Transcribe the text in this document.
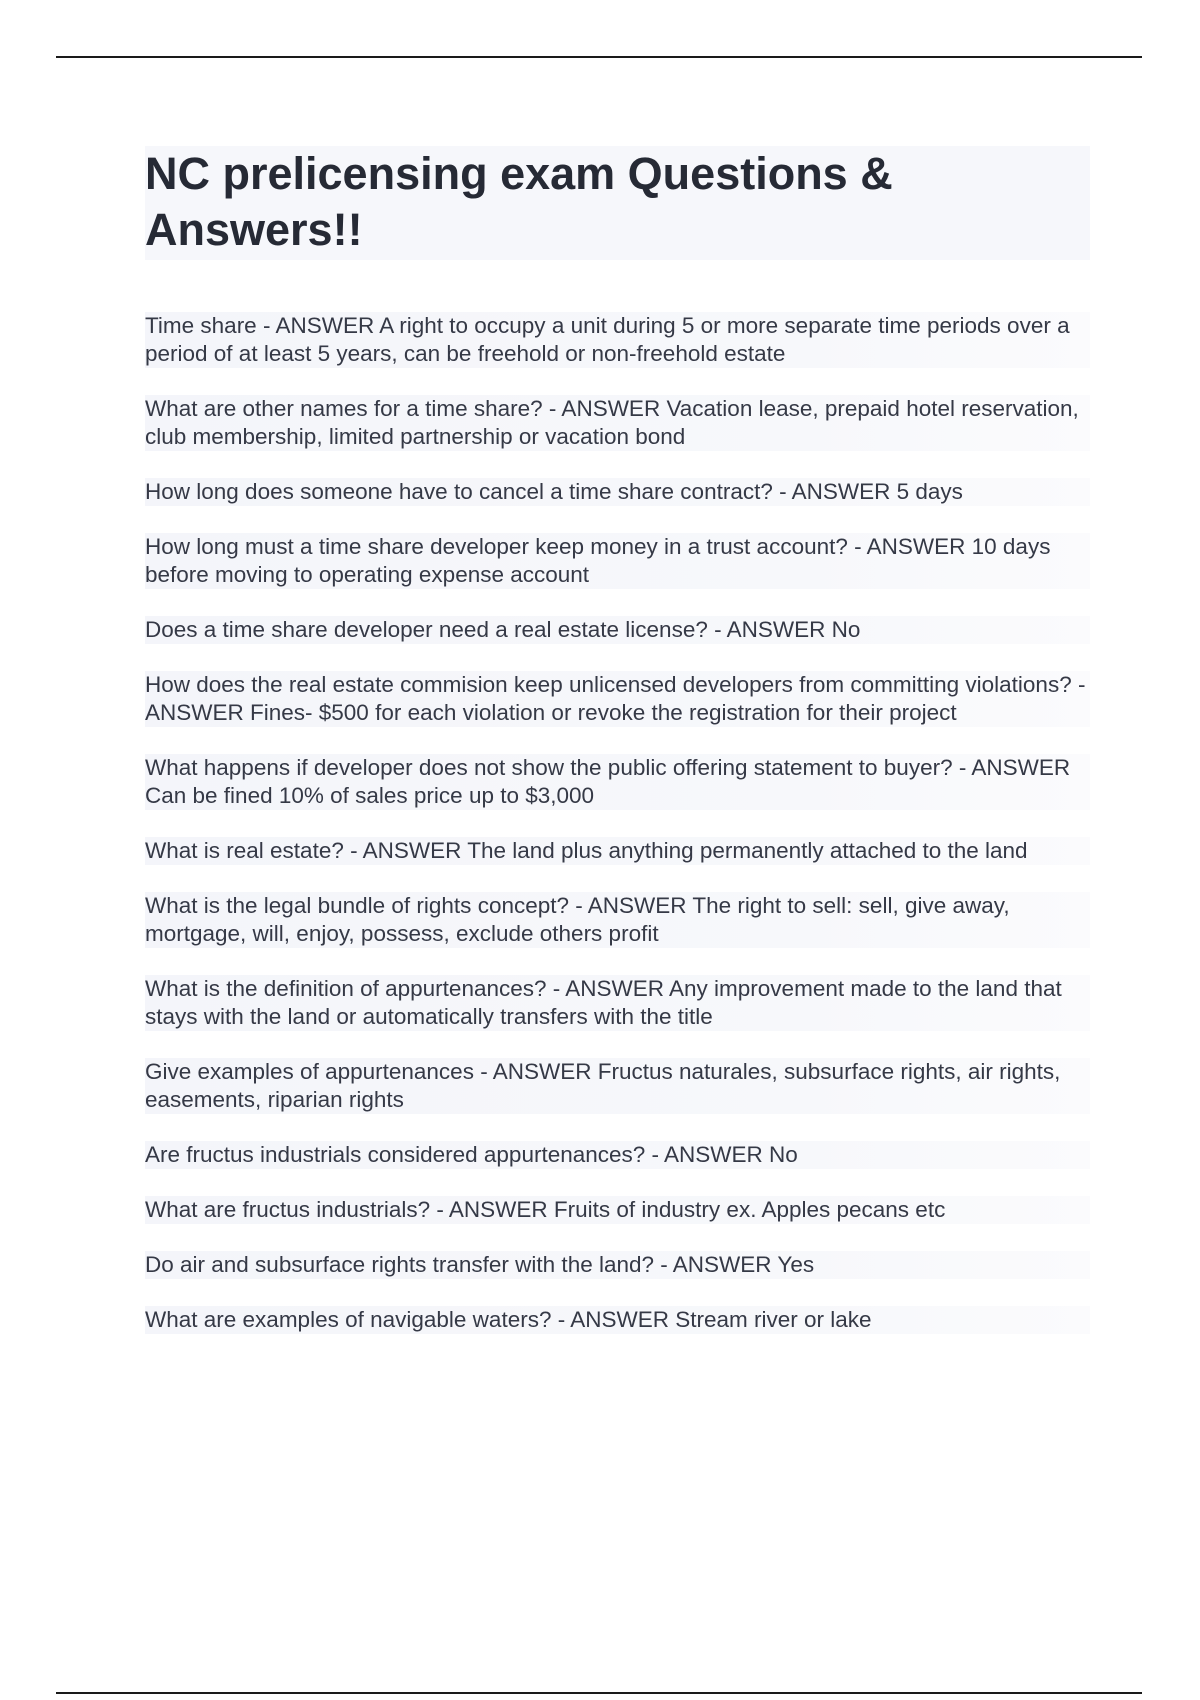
NC prelicensing exam Questions & Answers!!

Time share - ANSWER A right to occupy a unit during 5 or more separate time periods over a period of at least 5 years, can be freehold or non-freehold estate

What are other names for a time share? - ANSWER Vacation lease, prepaid hotel reservation, club membership, limited partnership or vacation bond

How long does someone have to cancel a time share contract? - ANSWER 5 days

How long must a time share developer keep money in a trust account? - ANSWER 10 days before moving to operating expense account

Does a time share developer need a real estate license? - ANSWER No

How does the real estate commision keep unlicensed developers from committing violations? - ANSWER Fines- $500 for each violation or revoke the registration for their project

What happens if developer does not show the public offering statement to buyer? - ANSWER Can be fined 10% of sales price up to $3,000

What is real estate? - ANSWER The land plus anything permanently attached to the land

What is the legal bundle of rights concept? - ANSWER The right to sell: sell, give away, mortgage, will, enjoy, possess, exclude others profit

What is the definition of appurtenances? - ANSWER Any improvement made to the land that stays with the land or automatically transfers with the title

Give examples of appurtenances - ANSWER Fructus naturales, subsurface rights, air rights, easements, riparian rights

Are fructus industrials considered appurtenances? - ANSWER No

What are fructus industrials? - ANSWER Fruits of industry ex. Apples pecans etc

Do air and subsurface rights transfer with the land? - ANSWER Yes

What are examples of navigable waters? - ANSWER Stream river or lake
